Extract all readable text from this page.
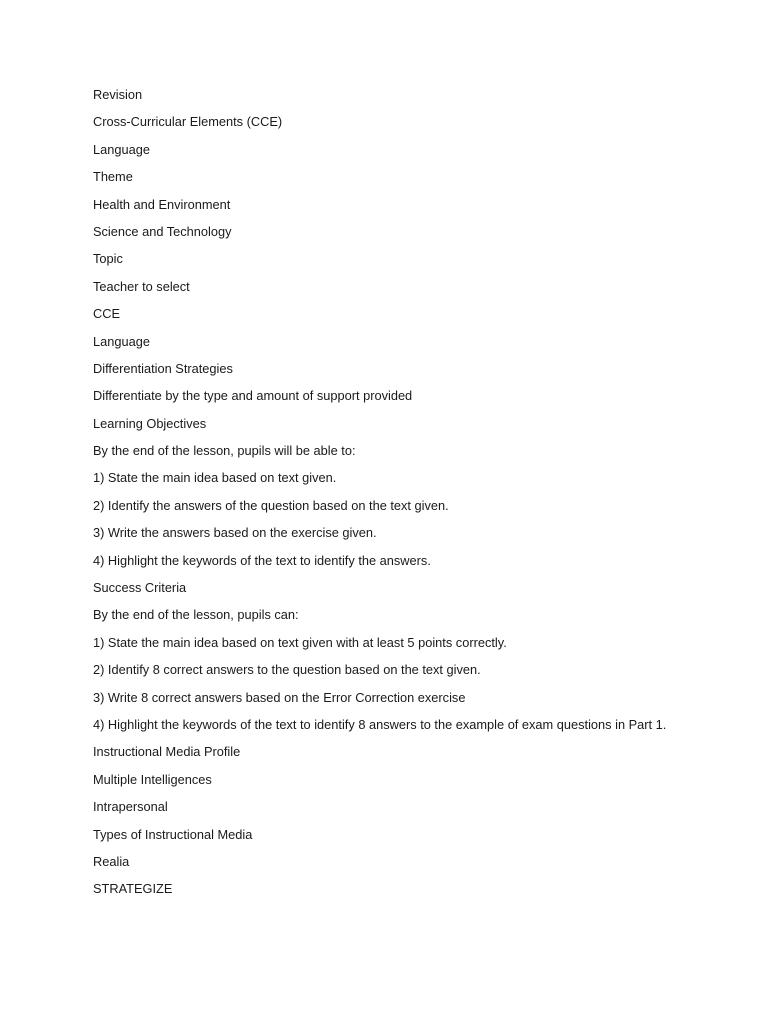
Revision
Cross-Curricular Elements (CCE)
Language
Theme
Health and Environment
Science and Technology
Topic
Teacher to select
CCE
Language
Differentiation Strategies
Differentiate by the type and amount of support provided
Learning Objectives
By the end of the lesson, pupils will be able to:
1) State the main idea based on text given.
2) Identify the answers of the question based on the text given.
3) Write the answers based on the exercise given.
4) Highlight the keywords of the text to identify the answers.
Success Criteria
By the end of the lesson, pupils can:
1) State the main idea based on text given with at least 5 points correctly.
2) Identify 8 correct answers to the question based on the text given.
3) Write 8 correct answers based on the Error Correction exercise
4) Highlight the keywords of the text to identify 8 answers to the example of exam questions in Part 1.
Instructional Media Profile
Multiple Intelligences
Intrapersonal
Types of Instructional Media
Realia
STRATEGIZE
